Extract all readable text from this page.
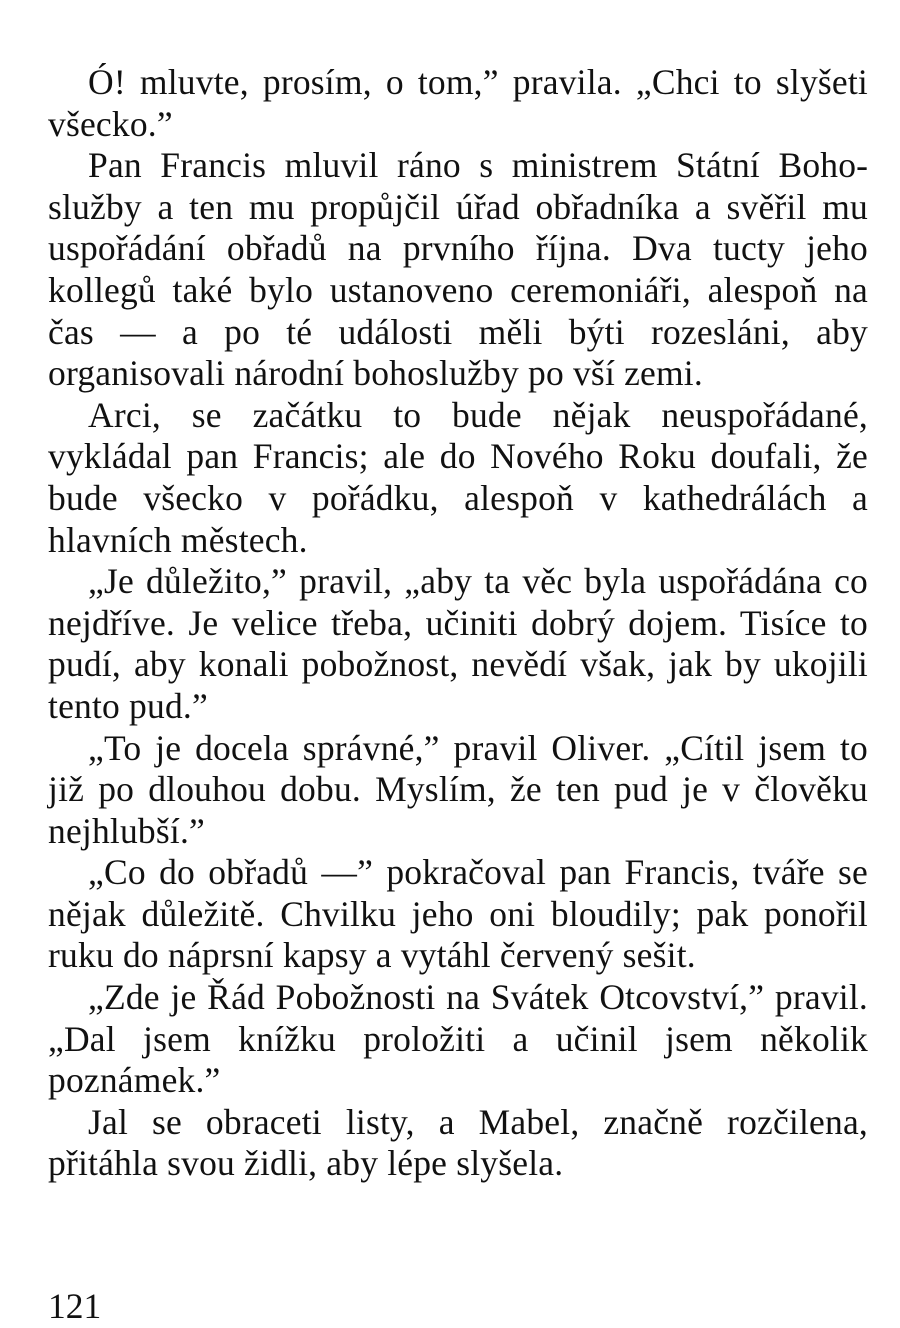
Ó! mluvte, prosím, o tom,” pravila. „Chci to slyšeti všecko.”

Pan Francis mluvil ráno s ministrem Státní Bohoslužby a ten mu propůjčil úřad obřadníka a svěřil mu uspořádání obřadů na prvního října. Dva tucty jeho kollegů také bylo ustanoveno ceremoniáři, alespoň na čas — a po té události měli býti rozesláni, aby organisovali národní bohoslužby po vší zemi.

Arci, se začátku to bude nějak neuspořádané, vykládal pan Francis; ale do Nového Roku doufali, že bude všecko v pořádku, alespoň v kathedrálách a hlavních městech.

„Je důležito,” pravil, „aby ta věc byla uspořádána co nejdříve. Je velice třeba, učiniti dobrý dojem. Tisíce to pudí, aby konali pobožnost, nevědí však, jak by ukojili tento pud.”

„To je docela správné,” pravil Oliver. „Cítil jsem to již po dlouhou dobu. Myslím, že ten pud je v člověku nejhlubší.”

„Co do obřadů —” pokračoval pan Francis, tváře se nějak důležitě. Chvilku jeho oni bloudily; pak ponořil ruku do náprsní kapsy a vytáhl červený sešit.

„Zde je Řád Pobožnosti na Svátek Otcovství,” pravil. „Dal jsem knížku proložiti a učinil jsem několik poznámek.”

Jal se obraceti listy, a Mabel, značně rozčilena, přitáhla svou židli, aby lépe slyšela.

121
